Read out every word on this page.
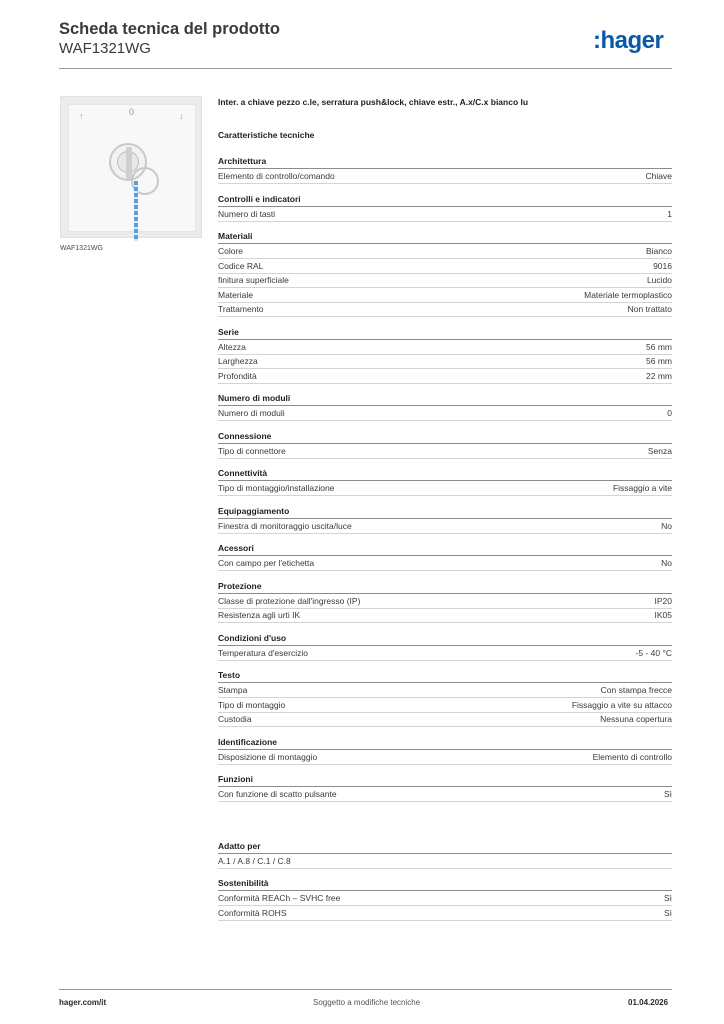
Scheda tecnica del prodotto
WAF1321WG	:hager
↑	0	↓
WAF1321WG
Inter. a chiave pezzo c.le, serratura push&lock, chiave estr., A.x/C.x bianco lu
Caratteristiche tecniche
Architettura
Elemento di controllo/comando	Chiave
Controlli e indicatori
Numero di tasti	1
Materiali
Colore	Bianco
Codice RAL	9016
finitura superficiale	Lucido
Materiale	Materiale termoplastico
Trattamento	Non trattato
Serie
Altezza	56 mm
Larghezza	56 mm
Profondità	22 mm
Numero di moduli
Numero di moduli	0
Connessione
Tipo di connettore	Senza
Connettività
Tipo di montaggio/installazione	Fissaggio a vite
Equipaggiamento
Finestra di monitoraggio uscita/luce	No
Acessori
Con campo per l'etichetta	No
Protezione
Classe di protezione dall'ingresso (IP)	IP20
Resistenza agli urti IK	IK05
Condizioni d'uso
Temperatura d'esercizio	-5 - 40 °C
Testo
Stampa	Con stampa frecce
Tipo di montaggio	Fissaggio a vite su attacco
Custodia	Nessuna copertura
Identificazione
Disposizione di montaggio	Elemento di controllo
Funzioni
Con funzione di scatto pulsante	Sì
Adatto per
A.1 / A.8 / C.1 / C.8
Sostenibilità
Conformità REACh – SVHC free	Sì
Conformità ROHS	Sì
hager.com/it	Soggetto a modifiche tecniche	01.04.2026
